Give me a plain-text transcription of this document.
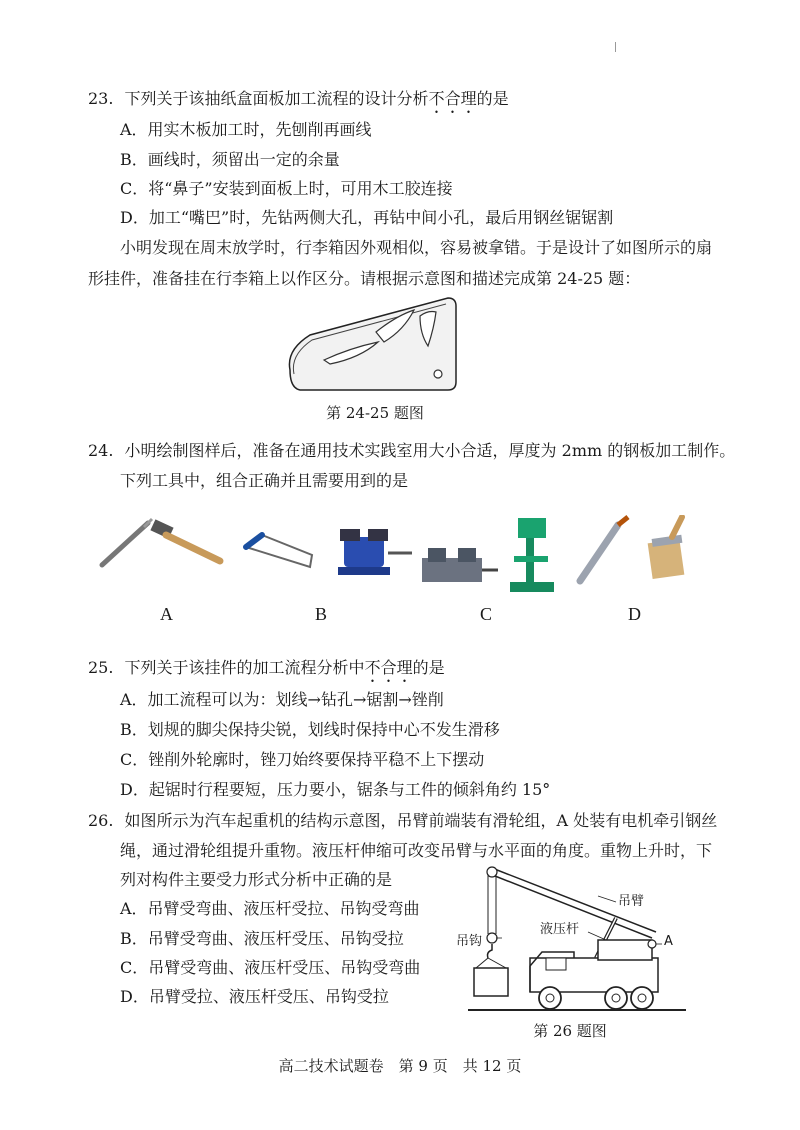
23. 下列关于该抽纸盒面板加工流程的设计分析不合理的是
A．用实木板加工时，先刨削再画线
B．画线时，须留出一定的余量
C．将“鼻子”安装到面板上时，可用木工胶连接
D．加工“嘴巴”时，先钻两侧大孔，再钻中间小孔，最后用钢丝锯锯割
小明发现在周末放学时，行李箱因外观相似，容易被拿错。于是设计了如图所示的扇
形挂件，准备挂在行李箱上以作区分。请根据示意图和描述完成第 24-25 题：
第 24-25 题图
24. 小明绘制图样后，准备在通用技术实践室用大小合适，厚度为 2mm 的钢板加工制作。
下列工具中，组合正确并且需要用到的是
A	B	C	D
25. 下列关于该挂件的加工流程分析中不合理的是
A．加工流程可以为：划线→钻孔→锯割→锉削
B．划规的脚尖保持尖锐，划线时保持中心不发生滑移
C．锉削外轮廓时，锉刀始终要保持平稳不上下摆动
D．起锯时行程要短，压力要小，锯条与工件的倾斜角约 15°
26. 如图所示为汽车起重机的结构示意图，吊臂前端装有滑轮组，A 处装有电机牵引钢丝
绳，通过滑轮组提升重物。液压杆伸缩可改变吊臂与水平面的角度。重物上升时，下
列对构件主要受力形式分析中正确的是
A．吊臂受弯曲、液压杆受拉、吊钩受弯曲
B．吊臂受弯曲、液压杆受压、吊钩受拉
C．吊臂受弯曲、液压杆受压、吊钩受弯曲
D．吊臂受拉、液压杆受压、吊钩受拉
吊臂
液压杆
吊钩	A
第 26 题图
高二技术试题卷　第 9 页　共 12 页
